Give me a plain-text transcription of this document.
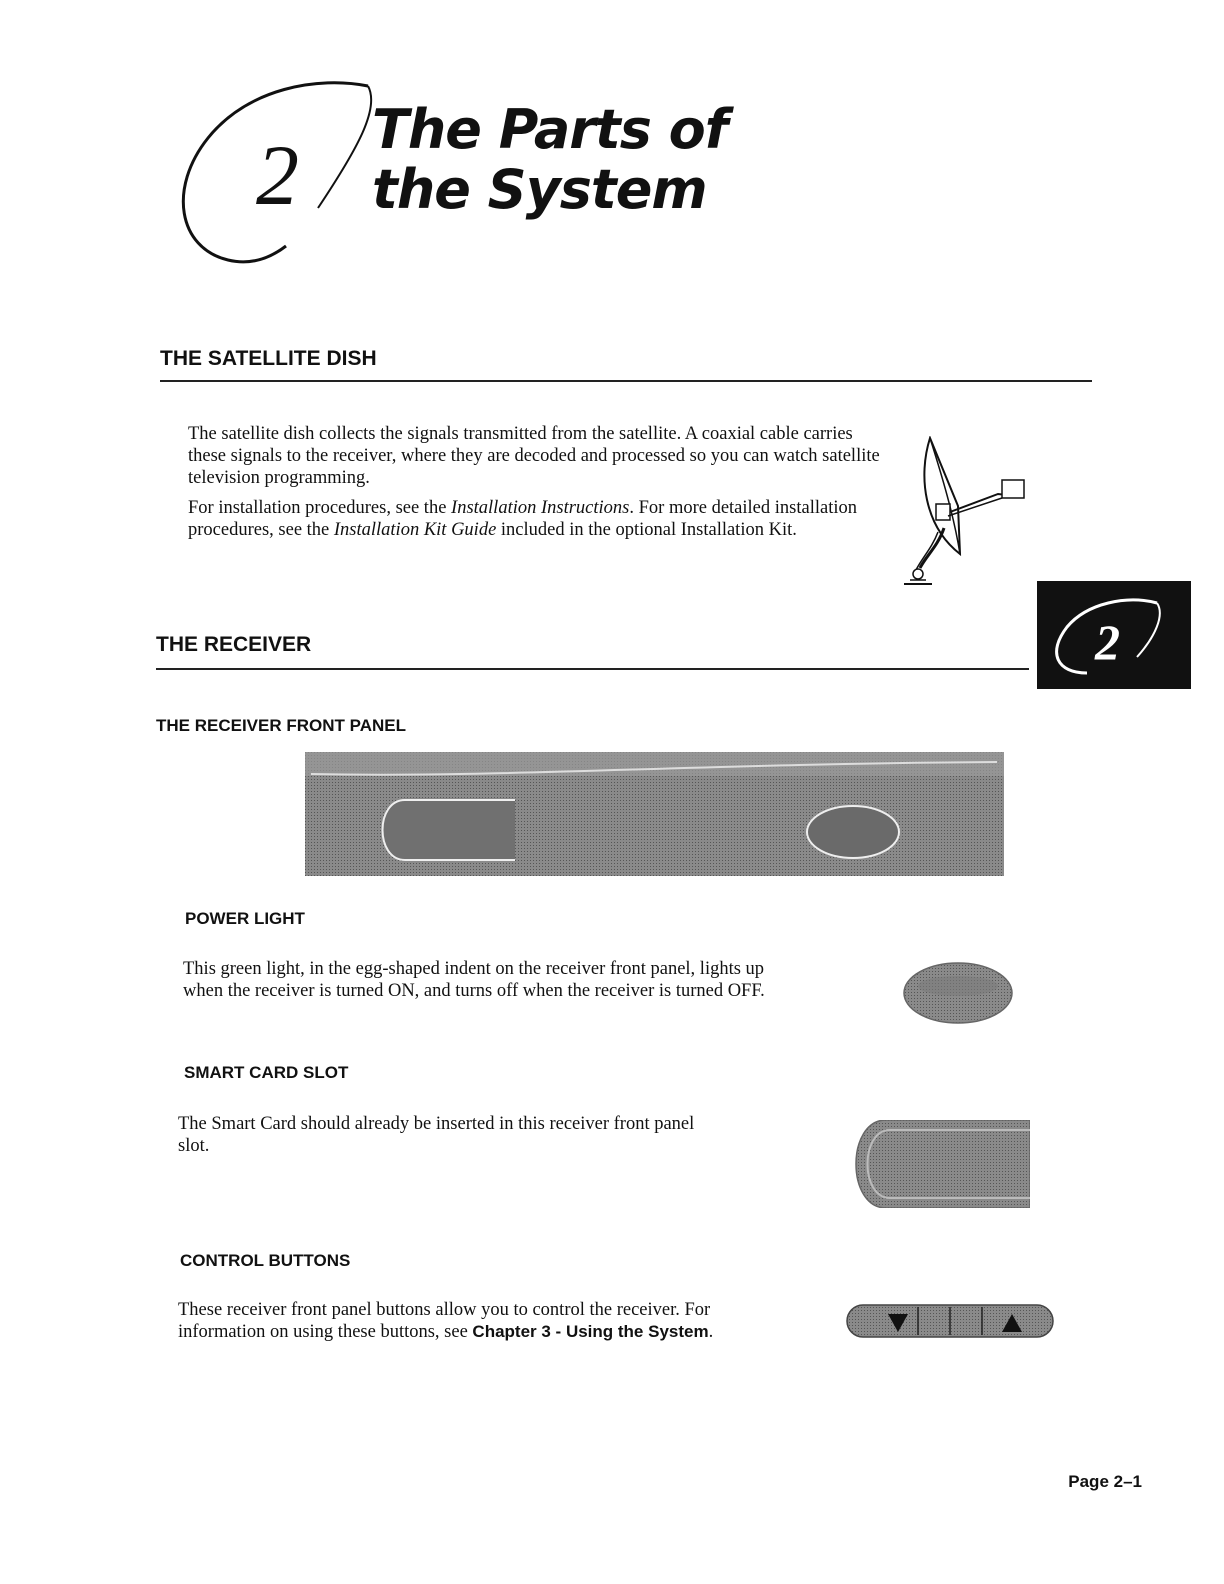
2 The Parts of
the System
THE SATELLITE DISH

The satellite dish collects the signals transmitted from the satellite. A coaxial cable carries these signals to the receiver, where they are decoded and processed so you can watch satellite television programming.

For installation procedures, see the Installation Instructions. For more detailed installation procedures, see the Installation Kit Guide included in the optional Installation Kit.

2
THE RECEIVER
THE RECEIVER FRONT PANEL
POWER LIGHT

This green light, in the egg-shaped indent on the receiver front panel, lights up when the receiver is turned ON, and turns off when the receiver is turned OFF.

SMART CARD SLOT

The Smart Card should already be inserted in this receiver front panel slot.

CONTROL BUTTONS

These receiver front panel buttons allow you to control the receiver. For information on using these buttons, see Chapter 3 - Using the System.

Page 2–1
